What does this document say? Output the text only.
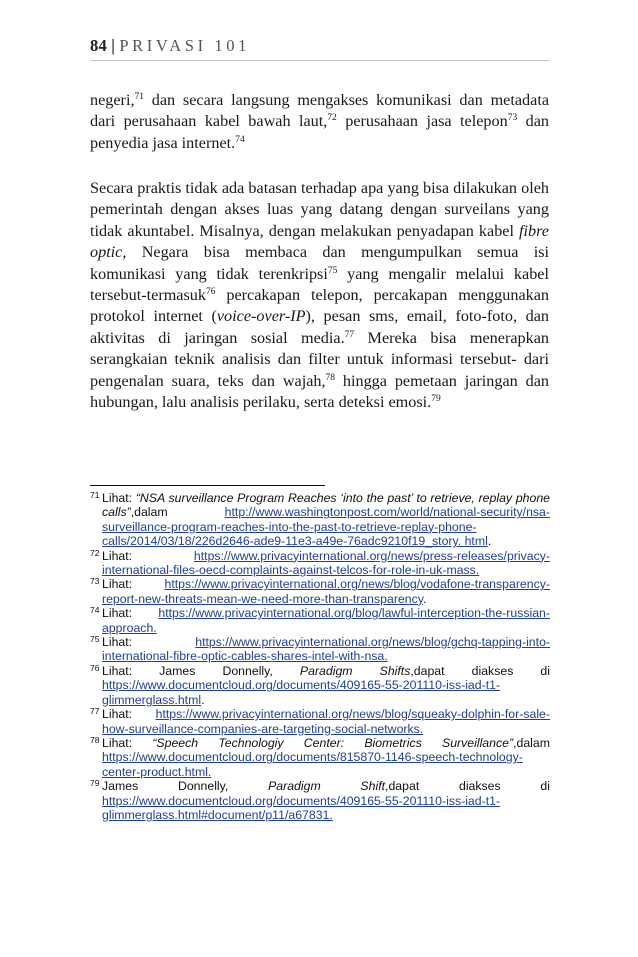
84 | PRIVASI 101

negeri,$^{71}$ dan secara langsung mengakses komunikasi dan metadata dari perusahaan kabel bawah laut,$^{72}$ perusahaan jasa telepon$^{73}$ dan penyedia jasa internet.$^{74}$

Secara praktis tidak ada batasan terhadap apa yang bisa dilakukan oleh pemerintah dengan akses luas yang datang dengan surveilans yang tidak akuntabel. Misalnya, dengan melakukan penyadapan kabel fibre optic, Negara bisa membaca dan mengumpulkan semua isi komunikasi yang tidak terenkripsi$^{75}$ yang mengalir melalui kabel tersebut-termasuk$^{76}$ percakapan telepon, percakapan menggunakan protokol internet (voice-over-IP), pesan sms, email, foto-foto, dan aktivitas di jaringan sosial media.$^{77}$ Mereka bisa menerapkan serangkaian teknik analisis dan filter untuk informasi tersebut- dari pengenalan suara, teks dan wajah,$^{78}$ hingga pemetaan jaringan dan hubungan, lalu analisis perilaku, serta deteksi emosi.$^{79}$

71 Lihat: “NSA surveillance Program Reaches ‘into the past’ to retrieve, replay phone calls”,dalam http://www.washingtonpost.com/world/national-security/nsa-surveillance-program-reaches-into-the-past-to-retrieve-replay-phone-calls/2014/03/18/226d2646-ade9-11e3-a49e-76adc9210f19_story. html.
72 Lihat: https://www.privacyinternational.org/news/press-releases/privacy-international-files-oecd-complaints-against-telcos-for-role-in-uk-mass.
73 Lihat: https://www.privacyinternational.org/news/blog/vodafone-transparency-report-new-threats-mean-we-need-more-than-transparency.
74 Lihat: https://www.privacyinternational.org/blog/lawful-interception-the-russian-approach.
75 Lihat: https://www.privacyinternational.org/news/blog/gchq-tapping-into-international-fibre-optic-cables-shares-intel-with-nsa.
76 Lihat: James Donnelly, Paradigm Shifts,dapat diakses di https://www.documentcloud.org/documents/409165-55-201110-iss-iad-t1-glimmerglass.html.
77 Lihat: https://www.privacyinternational.org/news/blog/squeaky-dolphin-for-sale-how-surveillance-companies-are-targeting-social-networks.
78 Lihat: “Speech Technologiy Center: Biometrics Surveillance”,dalam https://www.documentcloud.org/documents/815870-1146-speech-technology-center-product.html.
79 James Donnelly, Paradigm Shift,dapat diakses di https://www.documentcloud.org/documents/409165-55-201110-iss-iad-t1-glimmerglass.html#document/p11/a67831.
